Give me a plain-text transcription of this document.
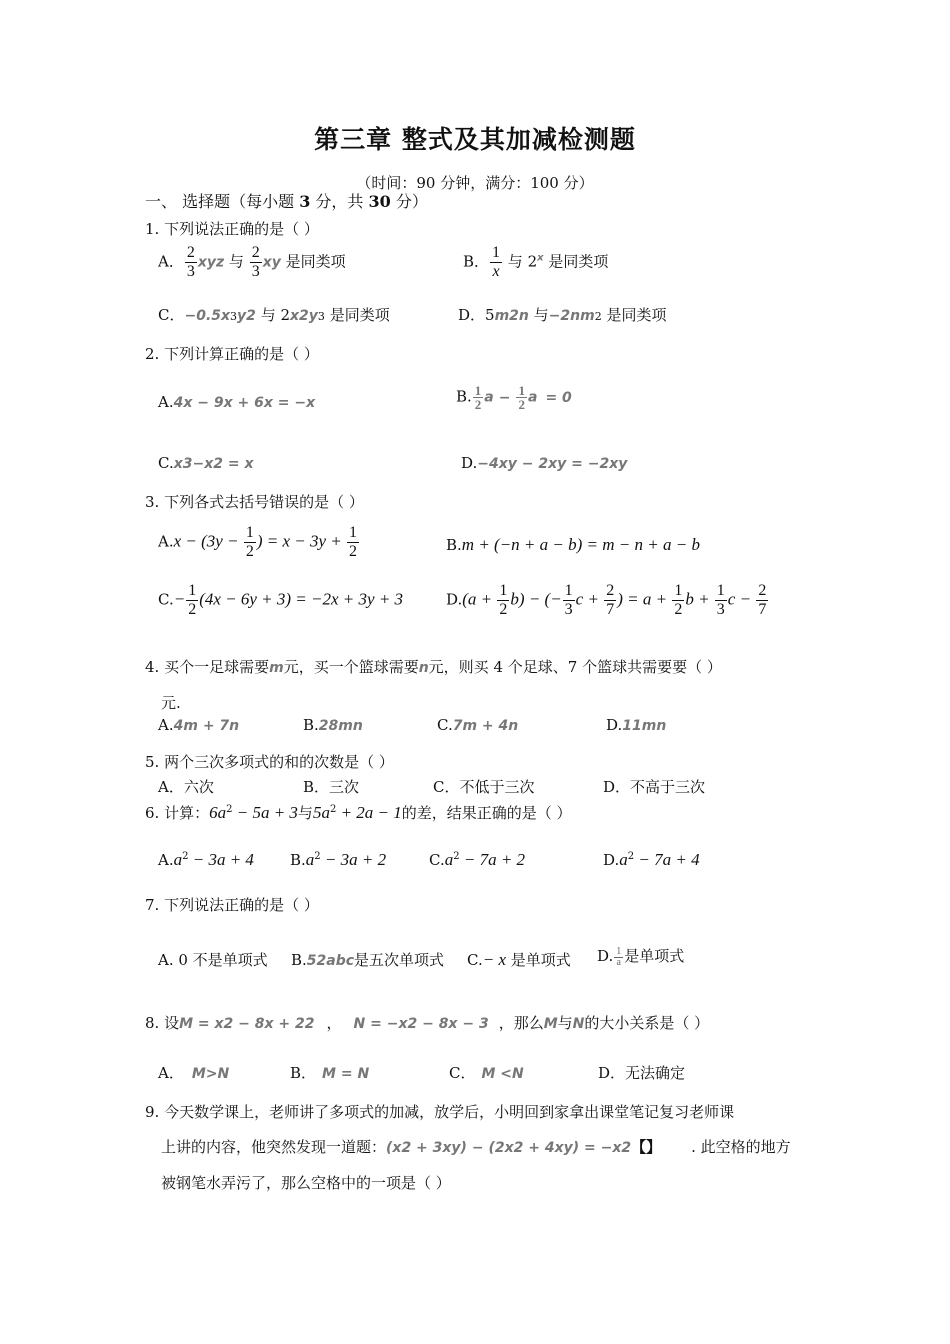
第三章 整式及其加减检测题
（时间：90 分钟，满分：100 分）
一、 选择题（每小题 3 分，共 30 分）
1. 下列说法正确的是（ ）
A． $\frac{2}{3}$ xyz 与 $\frac{2}{3}$ xy 是同类项	B． $\frac{1}{x}$ 与 2$^x$ 是同类项
C．−0.5x3y2 与 2x2y3 是同类项	D．5m2n 与−2nm2 是同类项
2. 下列计算正确的是（ ）
A.4x − 9x + 6x = −x	B. $\frac{1}{2}$ $a - \frac{1}{2}$ a = 0
C.x3−x2 = x	D.−4xy − 2xy = −2xy
3. 下列各式去括号错误的是（ ）
$A.x - (3y - \frac{1}{2}$ ) = $x - 3y + \frac{1}{2}$	B.m + (−n + a − b) = m − n + a − b
$C.- \frac{1}{2} (4x - 6y + 3) = -2x + 3y + 3$	$D.(a + \frac{1}{2} b)$ − (− $\frac{1}{3}$ $c + \frac{2}{7}$ ) = $a + \frac{1}{2}$ $b + \frac{1}{3}$ $c - \frac{2}{7}$
4. 买个一足球需要m元，买一个篮球需要n元，则买 4 个足球、7 个篮球共需要要（ ）
元.
A.4m + 7n	B.28mn	C.7m + 4n	D.11mn
5. 两个三次多项式的和的次数是（ ）
A．六次	B．三次	C．不低于三次	D．不高于三次
6. 计算：$6a^2 - 5a + 3$与$5a^2 + 2a - 1$的差，结果正确的是（ ）
$A.a^2 - 3a + 4$ $B.a^2 - 3a + 2$	$C.a^2 - 7a + 2$	$D.a^2 - 7a + 4$
7. 下列说法正确的是（ ）
A. 0 不是单项式 B.52abc是五次单项式 C.− x 是单项式 D. $\frac{1}{a}$ 是单项式
8. 设M = x2 − 8x + 22 ， N = −x2 − 8x − 3 ，那么M与N的大小关系是（ ）
A． M>N	B． M = N	C． M <N	D．无法确定
9. 今天数学课上，老师讲了多项式的加减，放学后，小明回到家拿出课堂笔记复习老师课
上讲的内容，他突然发现一道题：(x2 + 3xy) − (2x2 + 4xy) = −x2【】 . 此空格的地方
被钢笔水弄污了，那么空格中的一项是（ ）
